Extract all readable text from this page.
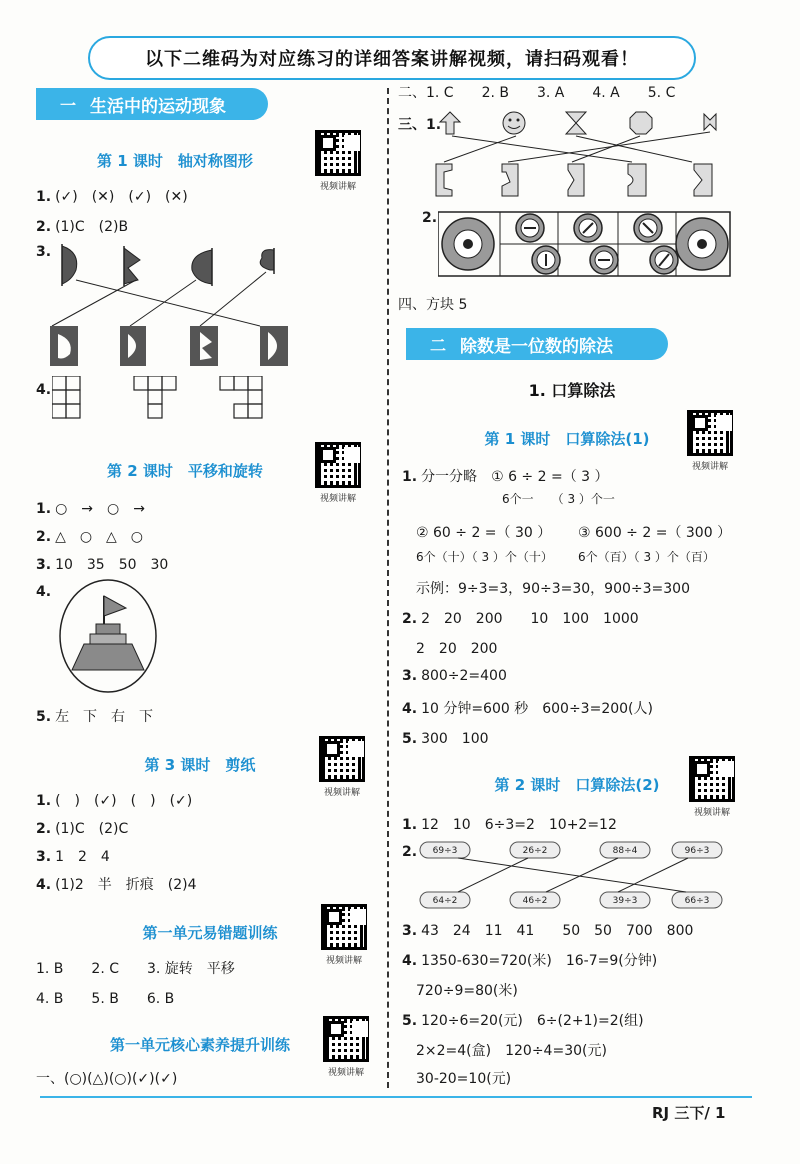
以下二维码为对应练习的详细答案讲解视频，请扫码观看！
一 生活中的运动现象
第 1 课时　轴对称图形
视频讲解
1. (✓)　(✕)　(✓)　(✕)
2. (1)C　(2)B
3.
4.
第 2 课时　平移和旋转
视频讲解
1. ○　→　○　→
2. △　○　△　○
3. 10　35　50　30
4.
5. 左　下　右　下
第 3 课时　剪纸
视频讲解
1. (　)　(✓)　(　)　(✓)
2. (1)C　(2)C
3. 1　2　4
4. (1)2　半　折痕　(2)4
第一单元易错题训练
视频讲解
1. B　　2. C　　3. 旋转　平移
4. B　　5. B　　6. B
第一单元核心素养提升训练
视频讲解
一、(○)(△)(○)(✓)(✓)
二、1. C　　2. B　　3. A　　4. A　　5. C
三、1.
2.
四、方块 5
二 除数是一位数的除法
1. 口算除法
第 1 课时　口算除法(1)
视频讲解
1. 分一分略　 ① 6 ÷ 2 =（ 3 ）
6个一　　（ 3 ）个一
② 60 ÷ 2 =（ 30 ）
6个（十）（ 3 ）个（十）
③ 600 ÷ 2 =（ 300 ）
6个（百）（ 3 ）个（百）
示例：9÷3=3，90÷3=30，900÷3=300
2. 2　20　200　　10　100　1000
2　20　200
3. 800÷2=400
4. 10 分钟=600 秒　600÷3=200(人)
5. 300　100
第 2 课时　口算除法(2)
视频讲解
1. 12　10　6÷3=2　10+2=12
2.	69÷3	26÷2	88÷4	96÷3
64÷2	46÷2	39÷3	66÷3
3. 43　24　11　41　　50　50　700　800
4. 1350-630=720(米)　16-7=9(分钟)
720÷9=80(米)
5. 120÷6=20(元)　6÷(2+1)=2(组)
2×2=4(盒)　120÷4=30(元)
30-20=10(元)
RJ 三下/ 1
